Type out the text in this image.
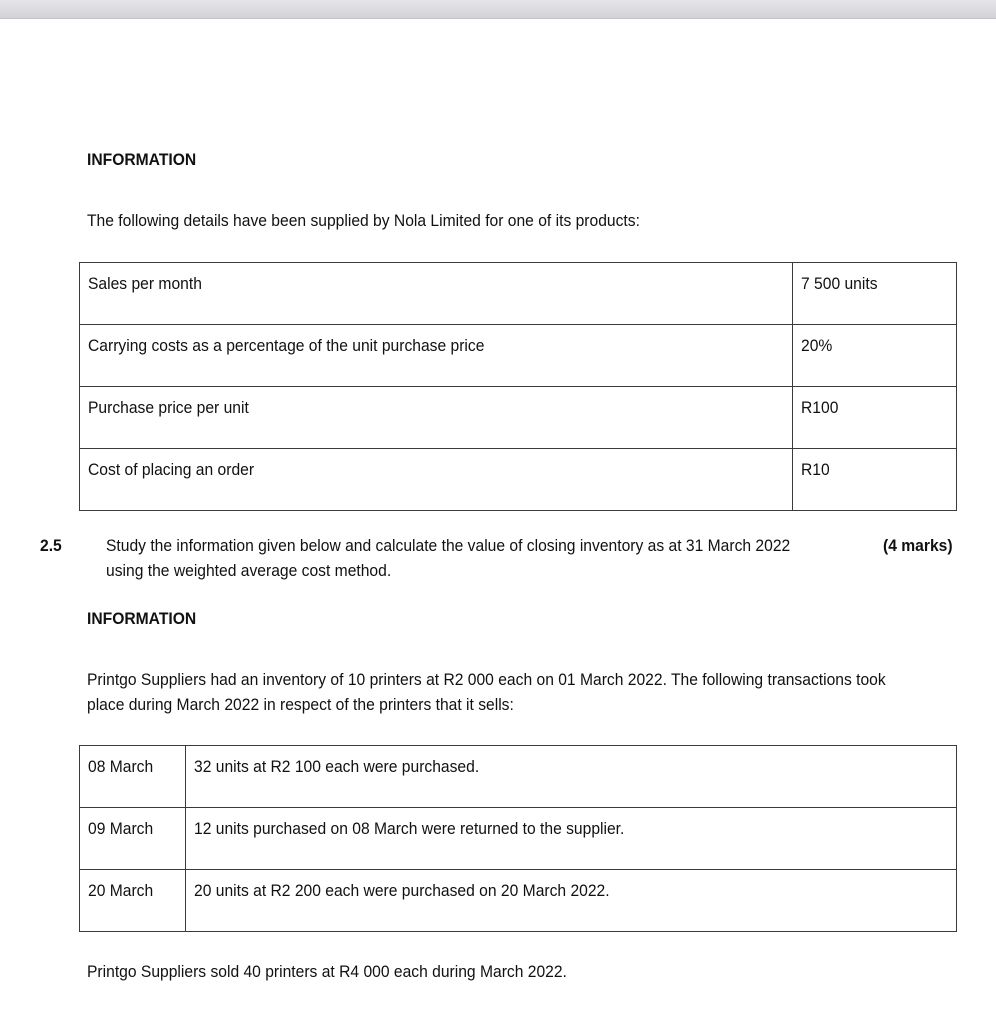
INFORMATION

The following details have been supplied by Nola Limited for one of its products:

Sales per month	7 500 units
Carrying costs as a percentage of the unit purchase price	20%
Purchase price per unit	R100
Cost of placing an order	R10

2.5	Study the information given below and calculate the value of closing inventory as at 31 March 2022

using the weighted average cost method.

(4 marks)

INFORMATION

Printgo Suppliers had an inventory of 10 printers at R2 000 each on 01 March 2022. The following transactions took

place during March 2022 in respect of the printers that it sells:

08 March	32 units at R2 100 each were purchased.
09 March	12 units purchased on 08 March were returned to the supplier.
20 March	20 units at R2 200 each were purchased on 20 March 2022.

Printgo Suppliers sold 40 printers at R4 000 each during March 2022.
